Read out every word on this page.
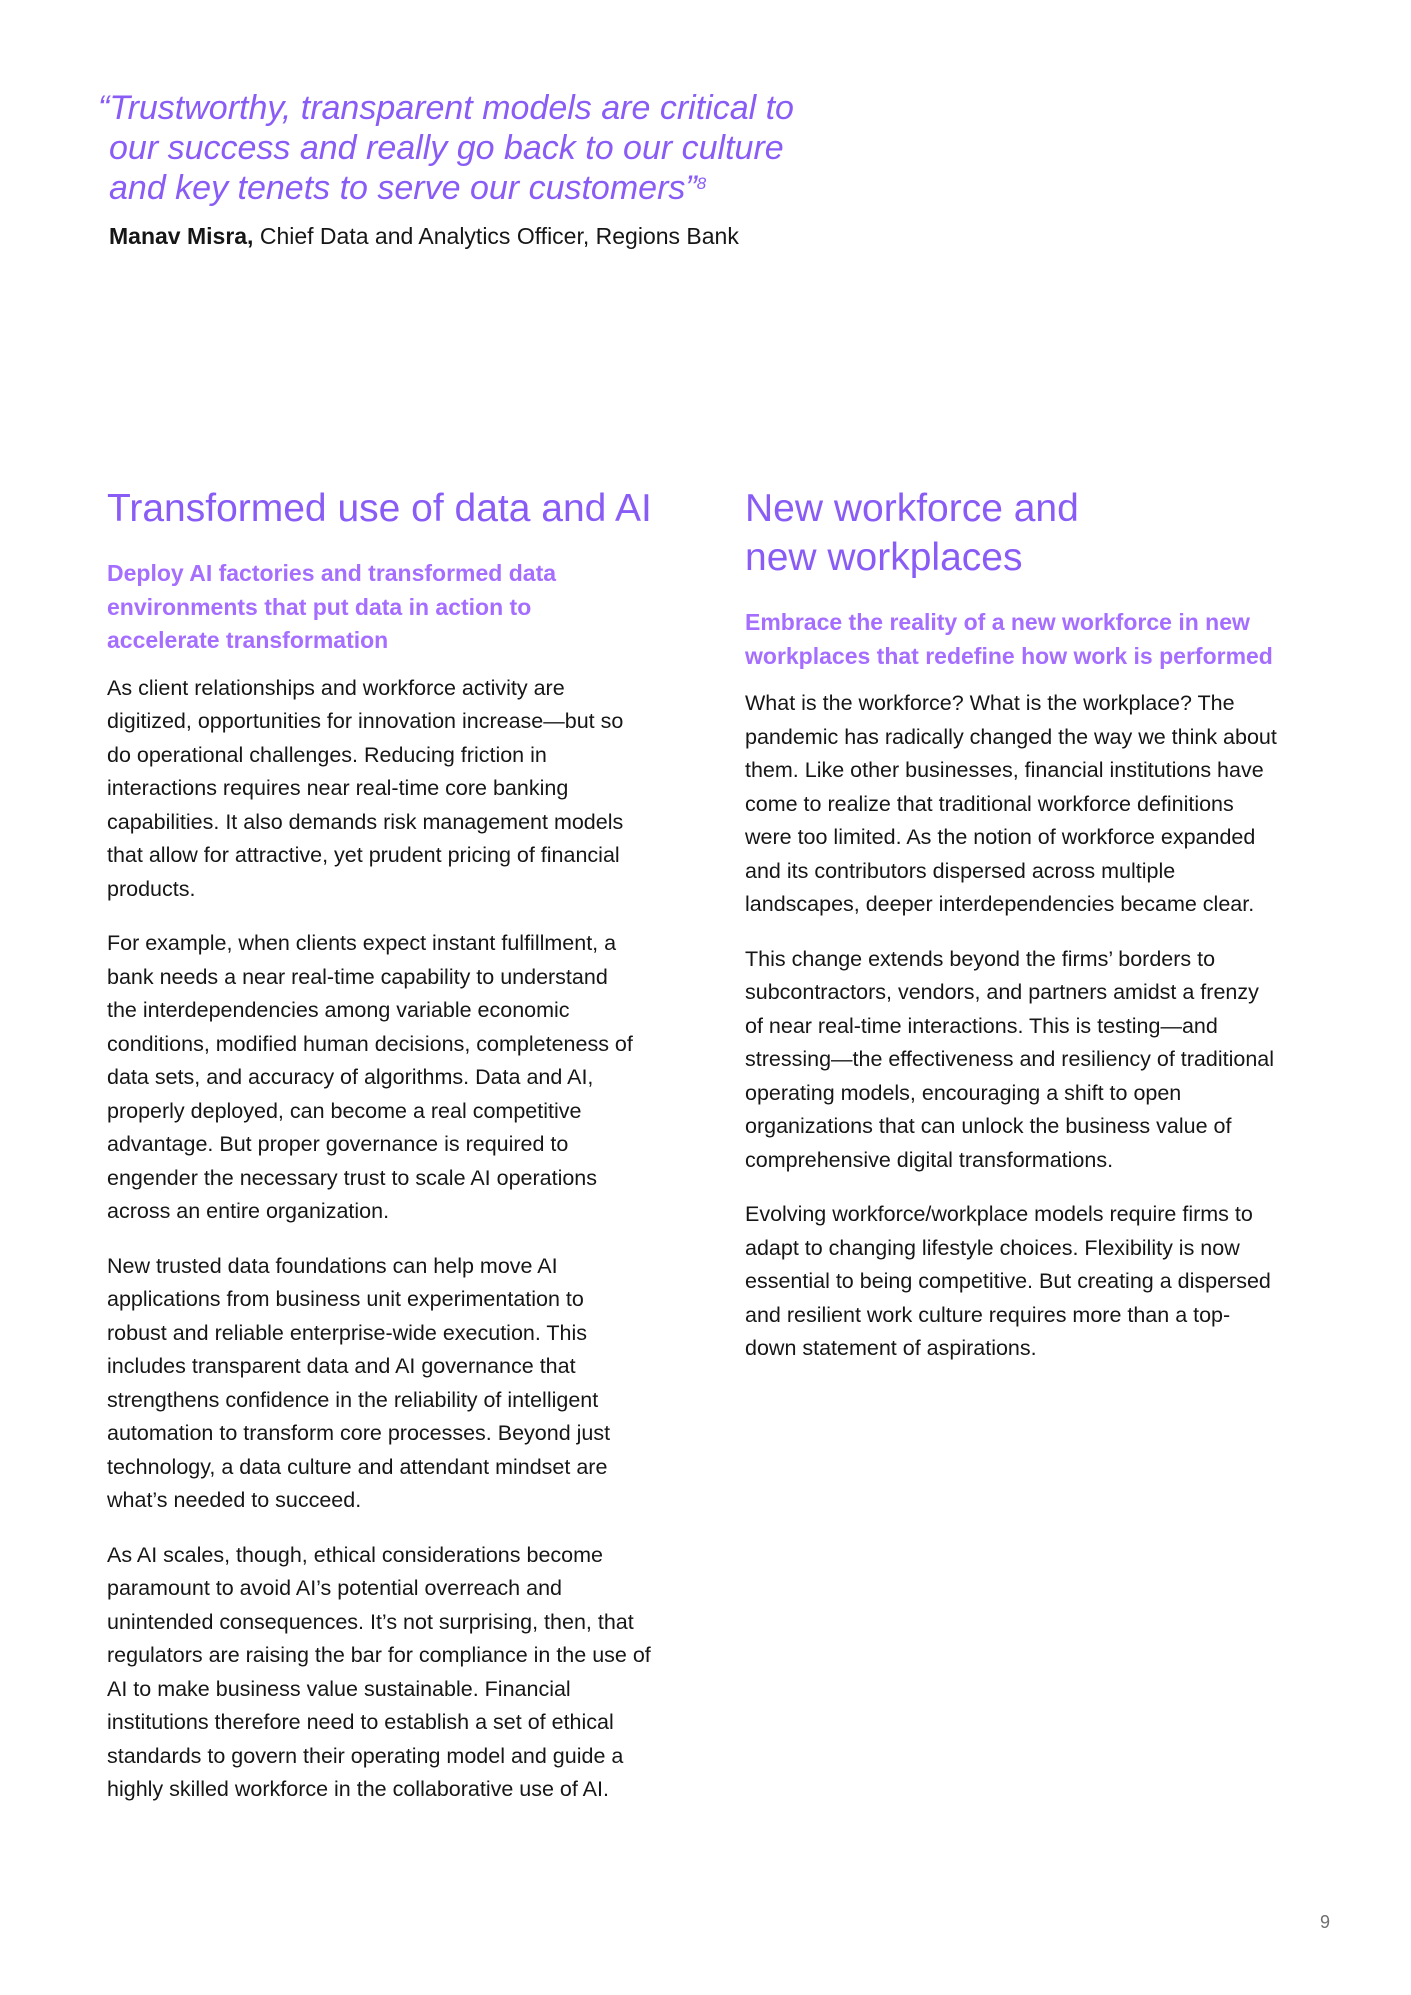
“Trustworthy, transparent models are critical to
our success and really go back to our culture
and key tenets to serve our customers”$^8$
Manav Misra, Chief Data and Analytics Officer, Regions Bank
Transformed use of data and AI
Deploy AI factories and transformed data
environments that put data in action to
accelerate transformation

As client relationships and workforce activity are
digitized, opportunities for innovation increase—but so
do operational challenges. Reducing friction in
interactions requires near real-time core banking
capabilities. It also demands risk management models
that allow for attractive, yet prudent pricing of financial
products.

For example, when clients expect instant fulfillment, a
bank needs a near real-time capability to understand
the interdependencies among variable economic
conditions, modified human decisions, completeness of
data sets, and accuracy of algorithms. Data and AI,
properly deployed, can become a real competitive
advantage. But proper governance is required to
engender the necessary trust to scale AI operations
across an entire organization.

New trusted data foundations can help move AI
applications from business unit experimentation to
robust and reliable enterprise-wide execution. This
includes transparent data and AI governance that
strengthens confidence in the reliability of intelligent
automation to transform core processes. Beyond just
technology, a data culture and attendant mindset are
what’s needed to succeed.

As AI scales, though, ethical considerations become
paramount to avoid AI’s potential overreach and
unintended consequences. It’s not surprising, then, that
regulators are raising the bar for compliance in the use of
AI to make business value sustainable. Financial
institutions therefore need to establish a set of ethical
standards to govern their operating model and guide a
highly skilled workforce in the collaborative use of AI.

New workforce and
new workplaces
Embrace the reality of a new workforce in new
workplaces that redefine how work is performed

What is the workforce? What is the workplace? The
pandemic has radically changed the way we think about
them. Like other businesses, financial institutions have
come to realize that traditional workforce definitions
were too limited. As the notion of workforce expanded
and its contributors dispersed across multiple
landscapes, deeper interdependencies became clear.

This change extends beyond the firms’ borders to
subcontractors, vendors, and partners amidst a frenzy
of near real-time interactions. This is testing—and
stressing—the effectiveness and resiliency of traditional
operating models, encouraging a shift to open
organizations that can unlock the business value of
comprehensive digital transformations.

Evolving workforce/workplace models require firms to
adapt to changing lifestyle choices. Flexibility is now
essential to being competitive. But creating a dispersed
and resilient work culture requires more than a top-
down statement of aspirations.

9
